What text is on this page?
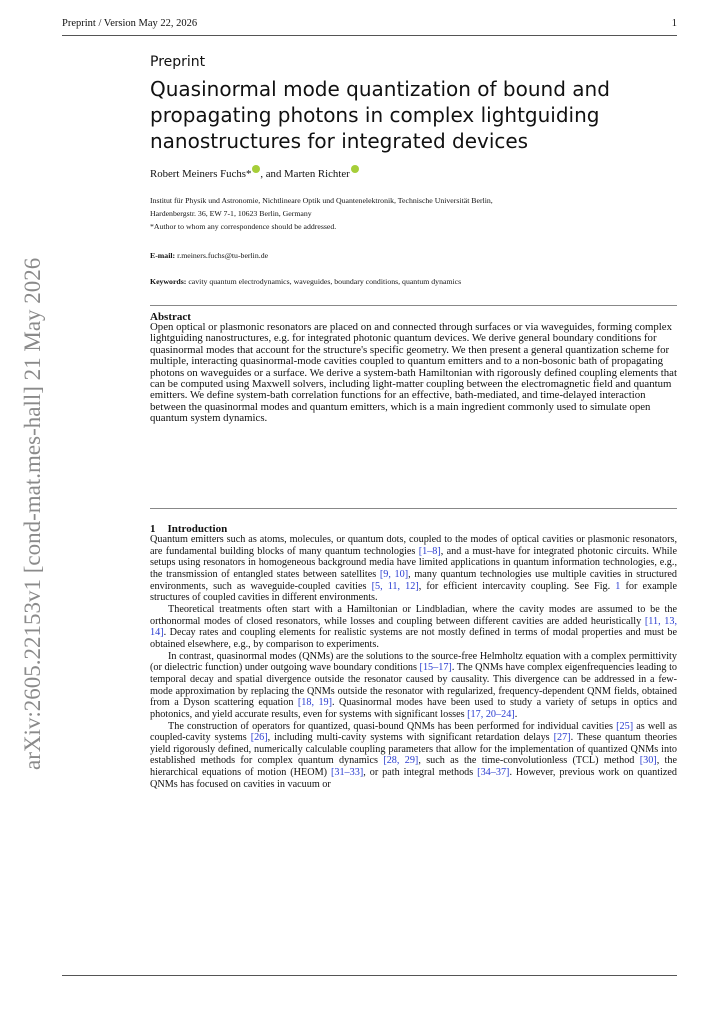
Preprint / Version May 22, 2026	1
arXiv:2605.22153v1 [cond-mat.mes-hall] 21 May 2026
Preprint
Quasinormal mode quantization of bound and propagating photons in complex lightguiding nanostructures for integrated devices
Robert Meiners Fuchs* , and Marten Richter
Institut für Physik und Astronomie, Nichtlineare Optik und Quantenelektronik, Technische Universität Berlin,
Hardenbergstr. 36, EW 7-1, 10623 Berlin, Germany
*Author to whom any correspondence should be addressed.
E-mail: r.meiners.fuchs@tu-berlin.de
Keywords: cavity quantum electrodynamics, waveguides, boundary conditions, quantum dynamics
Abstract
Open optical or plasmonic resonators are placed on and connected through surfaces or via waveguides, forming complex lightguiding nanostructures, e.g. for integrated photonic quantum devices. We derive general boundary conditions for quasinormal modes that account for the structure's specific geometry. We then present a general quantization scheme for multiple, interacting quasinormal-mode cavities coupled to quantum emitters and to a non-bosonic bath of propagating photons on waveguides or a surface. We derive a system-bath Hamiltonian with rigorously defined coupling elements that can be computed using Maxwell solvers, including light-matter coupling between the electromagnetic field and quantum emitters. We define system-bath correlation functions for an effective, bath-mediated, and time-delayed interaction between the quasinormal modes and quantum emitters, which is a main ingredient commonly used to simulate open quantum system dynamics.
1 Introduction

Quantum emitters such as atoms, molecules, or quantum dots, coupled to the modes of optical cavities or plasmonic resonators, are fundamental building blocks of many quantum technologies [1–8], and a must-have for integrated photonic circuits. While setups using resonators in homogeneous background media have limited applications in quantum information technologies, e.g., the transmission of entangled states between satellites [9, 10], many quantum technologies use multiple cavities in structured environments, such as waveguide-coupled cavities [5, 11, 12], for efficient intercavity coupling. See Fig. 1 for example structures of coupled cavities in different environments.

Theoretical treatments often start with a Hamiltonian or Lindbladian, where the cavity modes are assumed to be the orthonormal modes of closed resonators, while losses and coupling between different cavities are added heuristically [11, 13, 14]. Decay rates and coupling elements for realistic systems are not mostly defined in terms of modal properties and must be obtained elsewhere, e.g., by comparison to experiments.

In contrast, quasinormal modes (QNMs) are the solutions to the source-free Helmholtz equation with a complex permittivity (or dielectric function) under outgoing wave boundary conditions [15–17]. The QNMs have complex eigenfrequencies leading to temporal decay and spatial divergence outside the resonator caused by causality. This divergence can be addressed in a few-mode approximation by replacing the QNMs outside the resonator with regularized, frequency-dependent QNM fields, obtained from a Dyson scattering equation [18, 19]. Quasinormal modes have been used to study a variety of setups in optics and photonics, and yield accurate results, even for systems with significant losses [17, 20–24].

The construction of operators for quantized, quasi-bound QNMs has been performed for individual cavities [25] as well as coupled-cavity systems [26], including multi-cavity systems with significant retardation delays [27]. These quantum theories yield rigorously defined, numerically calculable coupling parameters that allow for the implementation of quantized QNMs into established methods for complex quantum dynamics [28, 29], such as the time-convolutionless (TCL) method [30], the hierarchical equations of motion (HEOM) [31–33], or path integral methods [34–37]. However, previous work on quantized QNMs has focused on cavities in vacuum or
